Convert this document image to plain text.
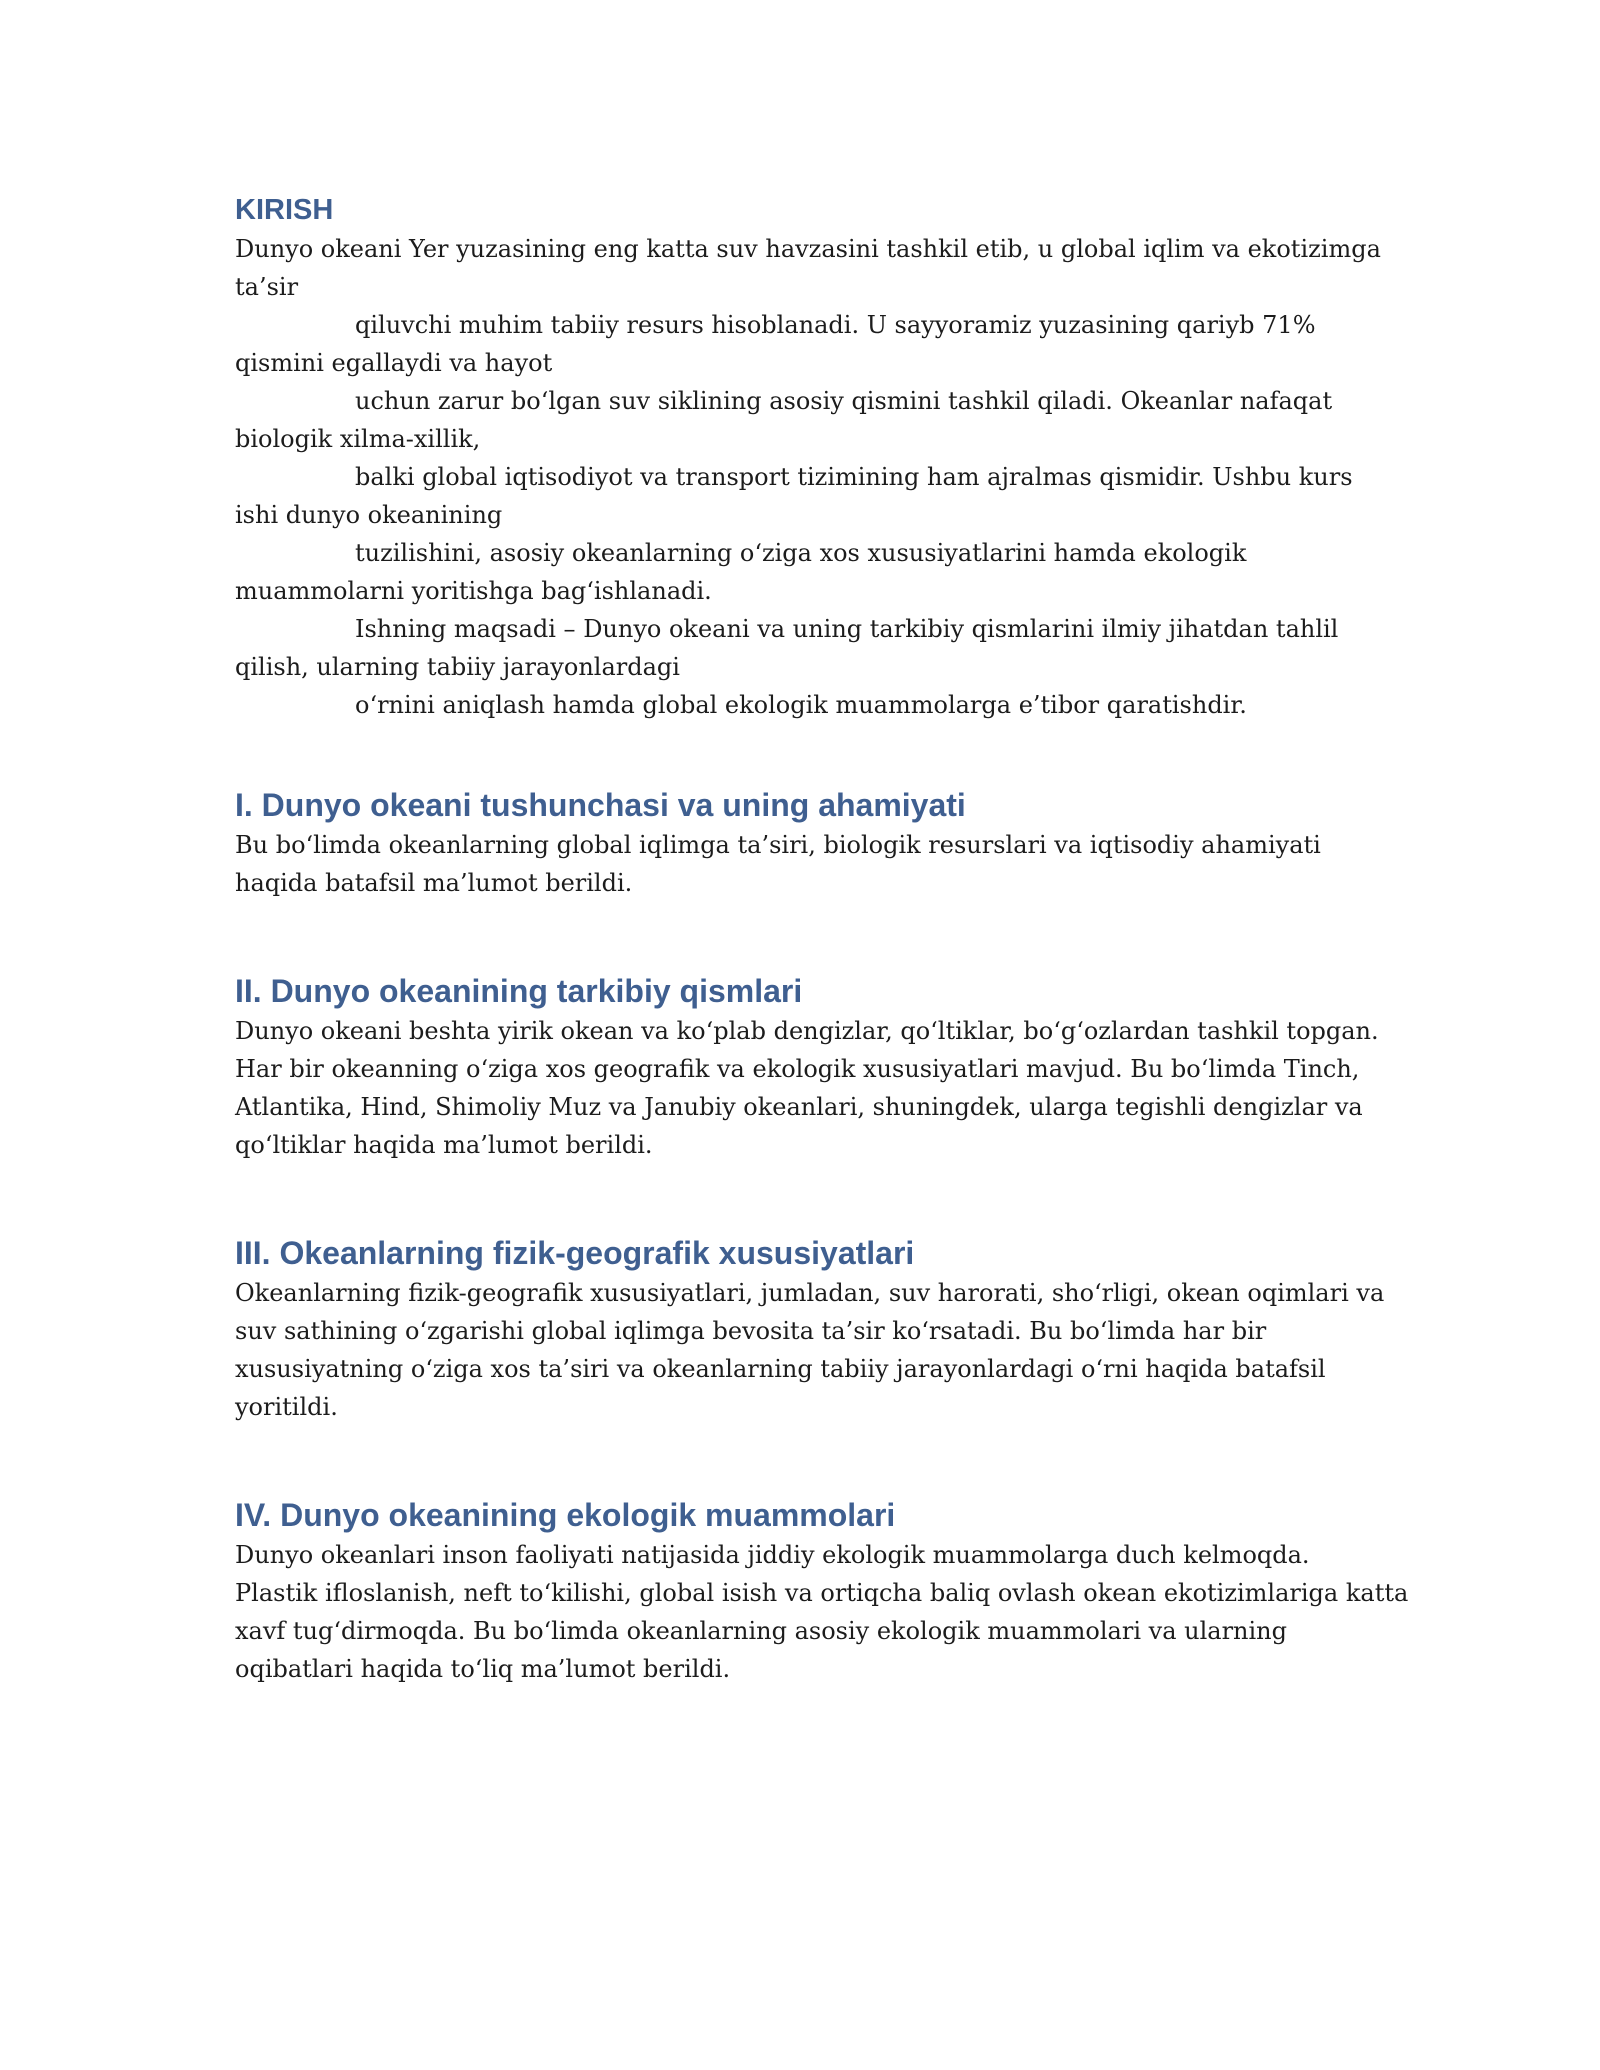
KIRISH
Dunyo okeani Yer yuzasining eng katta suv havzasini tashkil etib, u global iqlim va ekotizimga
ta’sir
qiluvchi muhim tabiiy resurs hisoblanadi. U sayyoramiz yuzasining qariyb 71%
qismini egallaydi va hayot
uchun zarur bo‘lgan suv siklining asosiy qismini tashkil qiladi. Okeanlar nafaqat
biologik xilma-xillik,
balki global iqtisodiyot va transport tizimining ham ajralmas qismidir. Ushbu kurs
ishi dunyo okeanining
tuzilishini, asosiy okeanlarning o‘ziga xos xususiyatlarini hamda ekologik
muammolarni yoritishga bag‘ishlanadi.
Ishning maqsadi – Dunyo okeani va uning tarkibiy qismlarini ilmiy jihatdan tahlil
qilish, ularning tabiiy jarayonlardagi
o‘rnini aniqlash hamda global ekologik muammolarga e’tibor qaratishdir.
I. Dunyo okeani tushunchasi va uning ahamiyati
Bu bo‘limda okeanlarning global iqlimga ta’siri, biologik resurslari va iqtisodiy ahamiyati
haqida batafsil ma’lumot berildi.
II. Dunyo okeanining tarkibiy qismlari
Dunyo okeani beshta yirik okean va ko‘plab dengizlar, qo‘ltiklar, bo‘g‘ozlardan tashkil topgan.
Har bir okeanning o‘ziga xos geografik va ekologik xususiyatlari mavjud. Bu bo‘limda Tinch,
Atlantika, Hind, Shimoliy Muz va Janubiy okeanlari, shuningdek, ularga tegishli dengizlar va
qo‘ltiklar haqida ma’lumot berildi.
III. Okeanlarning fizik-geografik xususiyatlari
Okeanlarning fizik-geografik xususiyatlari, jumladan, suv harorati, sho‘rligi, okean oqimlari va
suv sathining o‘zgarishi global iqlimga bevosita ta’sir ko‘rsatadi. Bu bo‘limda har bir
xususiyatning o‘ziga xos ta’siri va okeanlarning tabiiy jarayonlardagi o‘rni haqida batafsil
yoritildi.
IV. Dunyo okeanining ekologik muammolari
Dunyo okeanlari inson faoliyati natijasida jiddiy ekologik muammolarga duch kelmoqda.
Plastik ifloslanish, neft to‘kilishi, global isish va ortiqcha baliq ovlash okean ekotizimlariga katta
xavf tug‘dirmoqda. Bu bo‘limda okeanlarning asosiy ekologik muammolari va ularning
oqibatlari haqida to‘liq ma’lumot berildi.
